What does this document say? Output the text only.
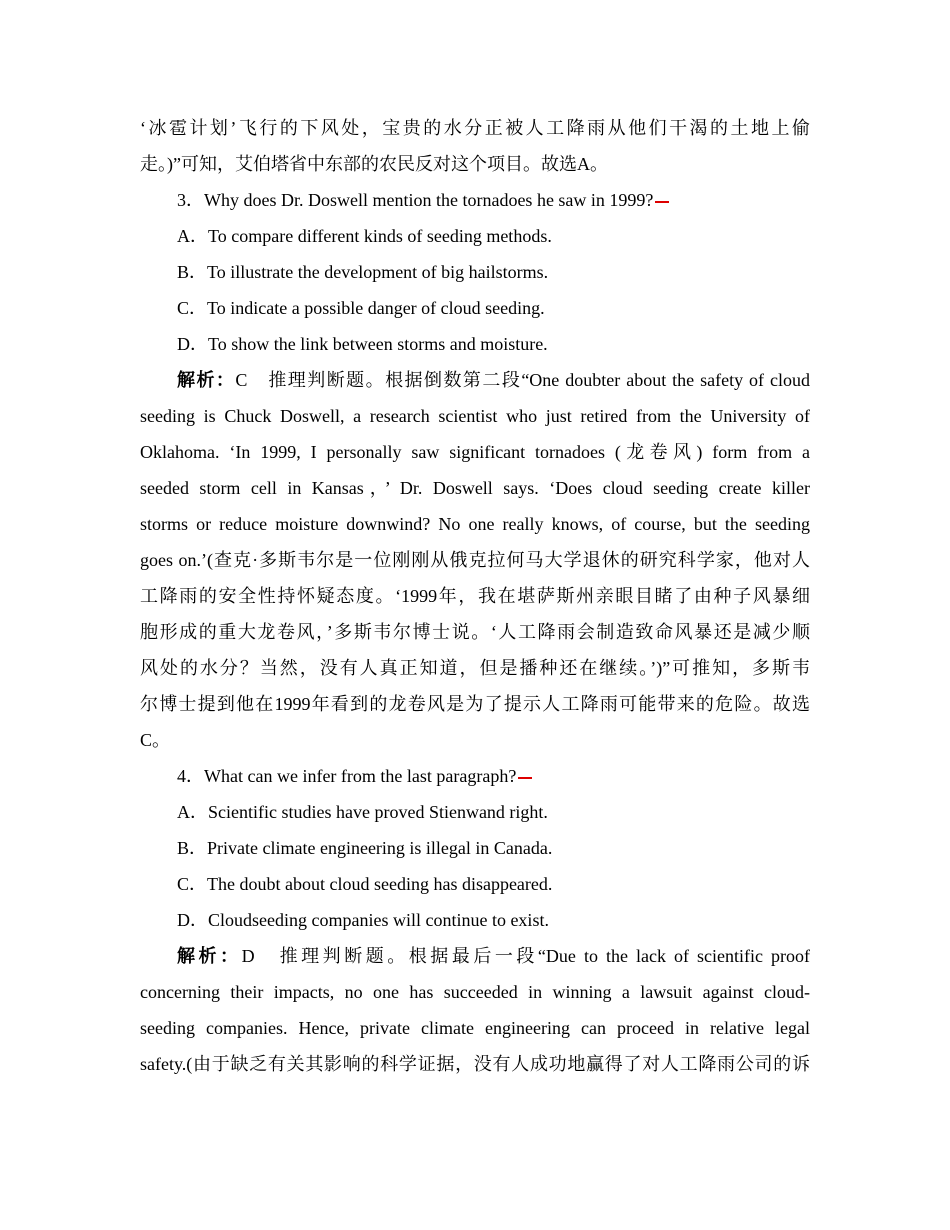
‘冰雹计划’飞行的下风处，宝贵的水分正被人工降雨从他们干渴的土地上偷
走。)”可知，艾伯塔省中东部的农民反对这个项目。故选A。
3．Why does Dr. Doswell mention the tornadoes he saw in 1999?
A．To compare different kinds of seeding methods.
B．To illustrate the development of big hailstorms.
C．To indicate a possible danger of cloud seeding.
D．To show the link between storms and moisture.
解析：C　推理判断题。根据倒数第二段“One doubter about the safety of cloud
seeding is Chuck Doswell, a research scientist who just retired from the University of
Oklahoma. ‘In 1999, I personally saw significant tornadoes (龙卷风) form from a
seeded storm cell in Kansas，’ Dr. Doswell says. ‘Does cloud seeding create killer
storms or reduce moisture downwind? No one really knows, of course, but the seeding
goes on.’(查克·多斯韦尔是一位刚刚从俄克拉何马大学退休的研究科学家，他对人
工降雨的安全性持怀疑态度。‘1999年，我在堪萨斯州亲眼目睹了由种子风暴细
胞形成的重大龙卷风，’多斯韦尔博士说。‘人工降雨会制造致命风暴还是减少顺
风处的水分？当然，没有人真正知道，但是播种还在继续。’)”可推知，多斯韦
尔博士提到他在1999年看到的龙卷风是为了提示人工降雨可能带来的危险。故选
C。
4．What can we infer from the last paragraph?
A．Scientific studies have proved Stienwand right.
B．Private climate engineering is illegal in Canada.
C．The doubt about cloud seeding has disappeared.
D．Cloudseeding companies will continue to exist.
解析：D　推理判断题。根据最后一段“Due to the lack of scientific proof
concerning their impacts, no one has succeeded in winning a lawsuit against cloud-
seeding companies. Hence, private climate engineering can proceed in relative legal
safety.(由于缺乏有关其影响的科学证据，没有人成功地赢得了对人工降雨公司的诉
